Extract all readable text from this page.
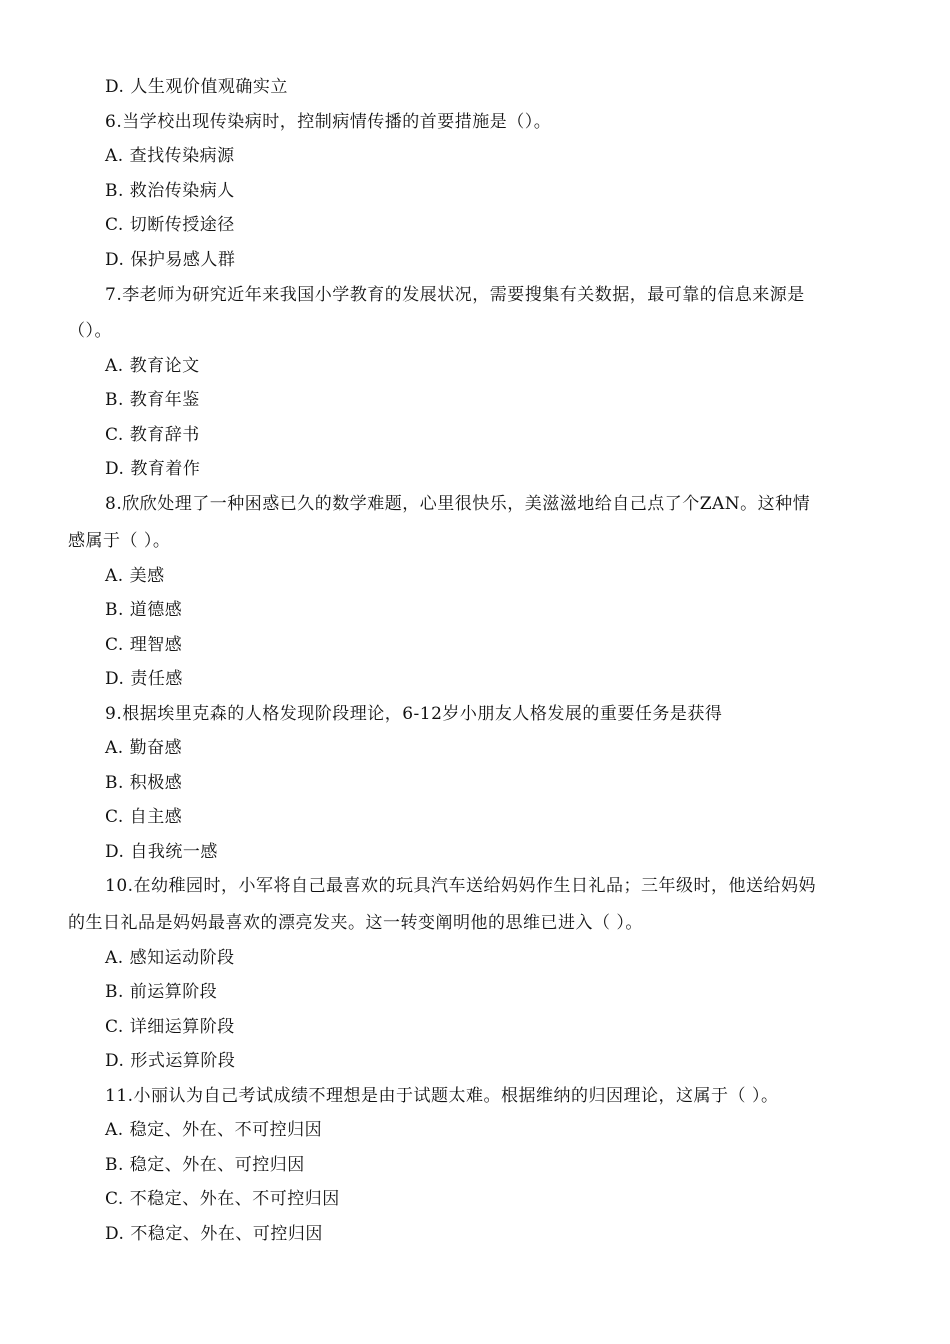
D. 人生观价值观确实立
6.当学校出现传染病时，控制病情传播的首要措施是（）。
A. 查找传染病源
B. 救治传染病人
C. 切断传授途径
D. 保护易感人群
7.李老师为研究近年来我国小学教育的发展状况，需要搜集有关数据，最可靠的信息来源是
（）。
A. 教育论文
B. 教育年鉴
C. 教育辞书
D. 教育着作
8.欣欣处理了一种困惑已久的数学难题，心里很快乐，美滋滋地给自己点了个ZAN。这种情
感属于（ ）。
A. 美感
B. 道德感
C. 理智感
D. 责任感
9.根据埃里克森的人格发现阶段理论，6-12岁小朋友人格发展的重要任务是获得
A. 勤奋感
B. 积极感
C. 自主感
D. 自我统一感
10.在幼稚园时，小军将自己最喜欢的玩具汽车送给妈妈作生日礼品；三年级时，他送给妈妈
的生日礼品是妈妈最喜欢的漂亮发夹。这一转变阐明他的思维已进入（ ）。
A. 感知运动阶段
B. 前运算阶段
C. 详细运算阶段
D. 形式运算阶段
11.小丽认为自己考试成绩不理想是由于试题太难。根据维纳的归因理论，这属于（ ）。
A. 稳定、外在、不可控归因
B. 稳定、外在、可控归因
C. 不稳定、外在、不可控归因
D. 不稳定、外在、可控归因
